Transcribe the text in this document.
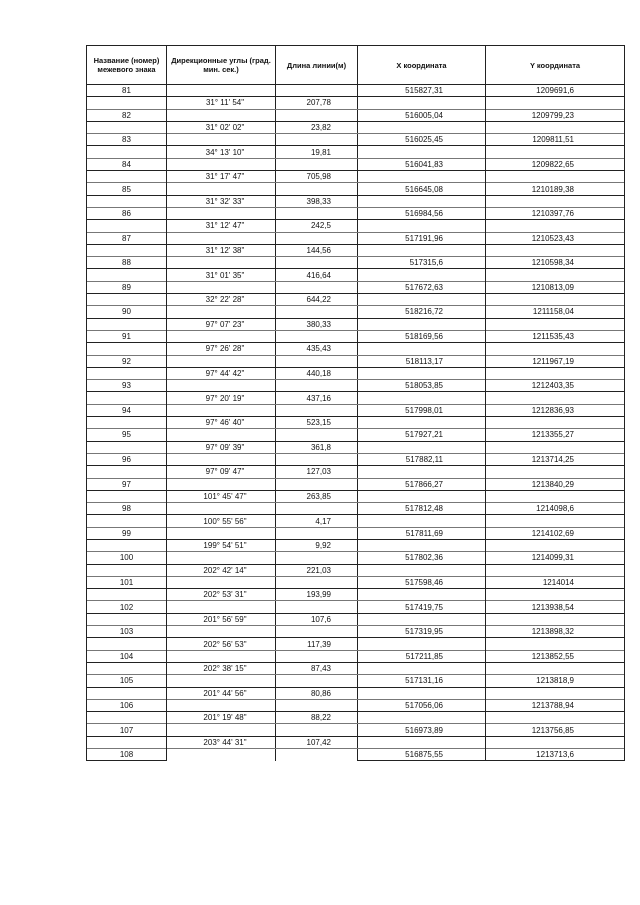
Название (номер) межевого знака	Дирекционные углы (град. мин. сек.)	Длина линии(м)	X координата	Y координата
81			515827,31	1209691,6
	31° 11' 54"	207,78		
82			516005,04	1209799,23
	31° 02' 02"	23,82		
83			516025,45	1209811,51
	34° 13' 10"	19,81		
84			516041,83	1209822,65
	31° 17' 47"	705,98		
85			516645,08	1210189,38
	31° 32' 33"	398,33		
86			516984,56	1210397,76
	31° 12' 47"	242,5		
87			517191,96	1210523,43
	31° 12' 38"	144,56		
88			517315,6	1210598,34
	31° 01' 35"	416,64		
89			517672,63	1210813,09
	32° 22' 28"	644,22		
90			518216,72	1211158,04
	97° 07' 23"	380,33		
91			518169,56	1211535,43
	97° 26' 28"	435,43		
92			518113,17	1211967,19
	97° 44' 42"	440,18		
93			518053,85	1212403,35
	97° 20' 19"	437,16		
94			517998,01	1212836,93
	97° 46' 40"	523,15		
95			517927,21	1213355,27
	97° 09' 39"	361,8		
96			517882,11	1213714,25
	97° 09' 47"	127,03		
97			517866,27	1213840,29
	101° 45' 47"	263,85		
98			517812,48	1214098,6
	100° 55' 56"	4,17		
99			517811,69	1214102,69
	199° 54' 51"	9,92		
100			517802,36	1214099,31
	202° 42' 14"	221,03		
101			517598,46	1214014
	202° 53' 31"	193,99		
102			517419,75	1213938,54
	201° 56' 59"	107,6		
103			517319,95	1213898,32
	202° 56' 53"	117,39		
104			517211,85	1213852,55
	202° 38' 15"	87,43		
105			517131,16	1213818,9
	201° 44' 56"	80,86		
106			517056,06	1213788,94
	201° 19' 48"	88,22		
107			516973,89	1213756,85
	203° 44' 31"	107,42		
108			516875,55	1213713,6
